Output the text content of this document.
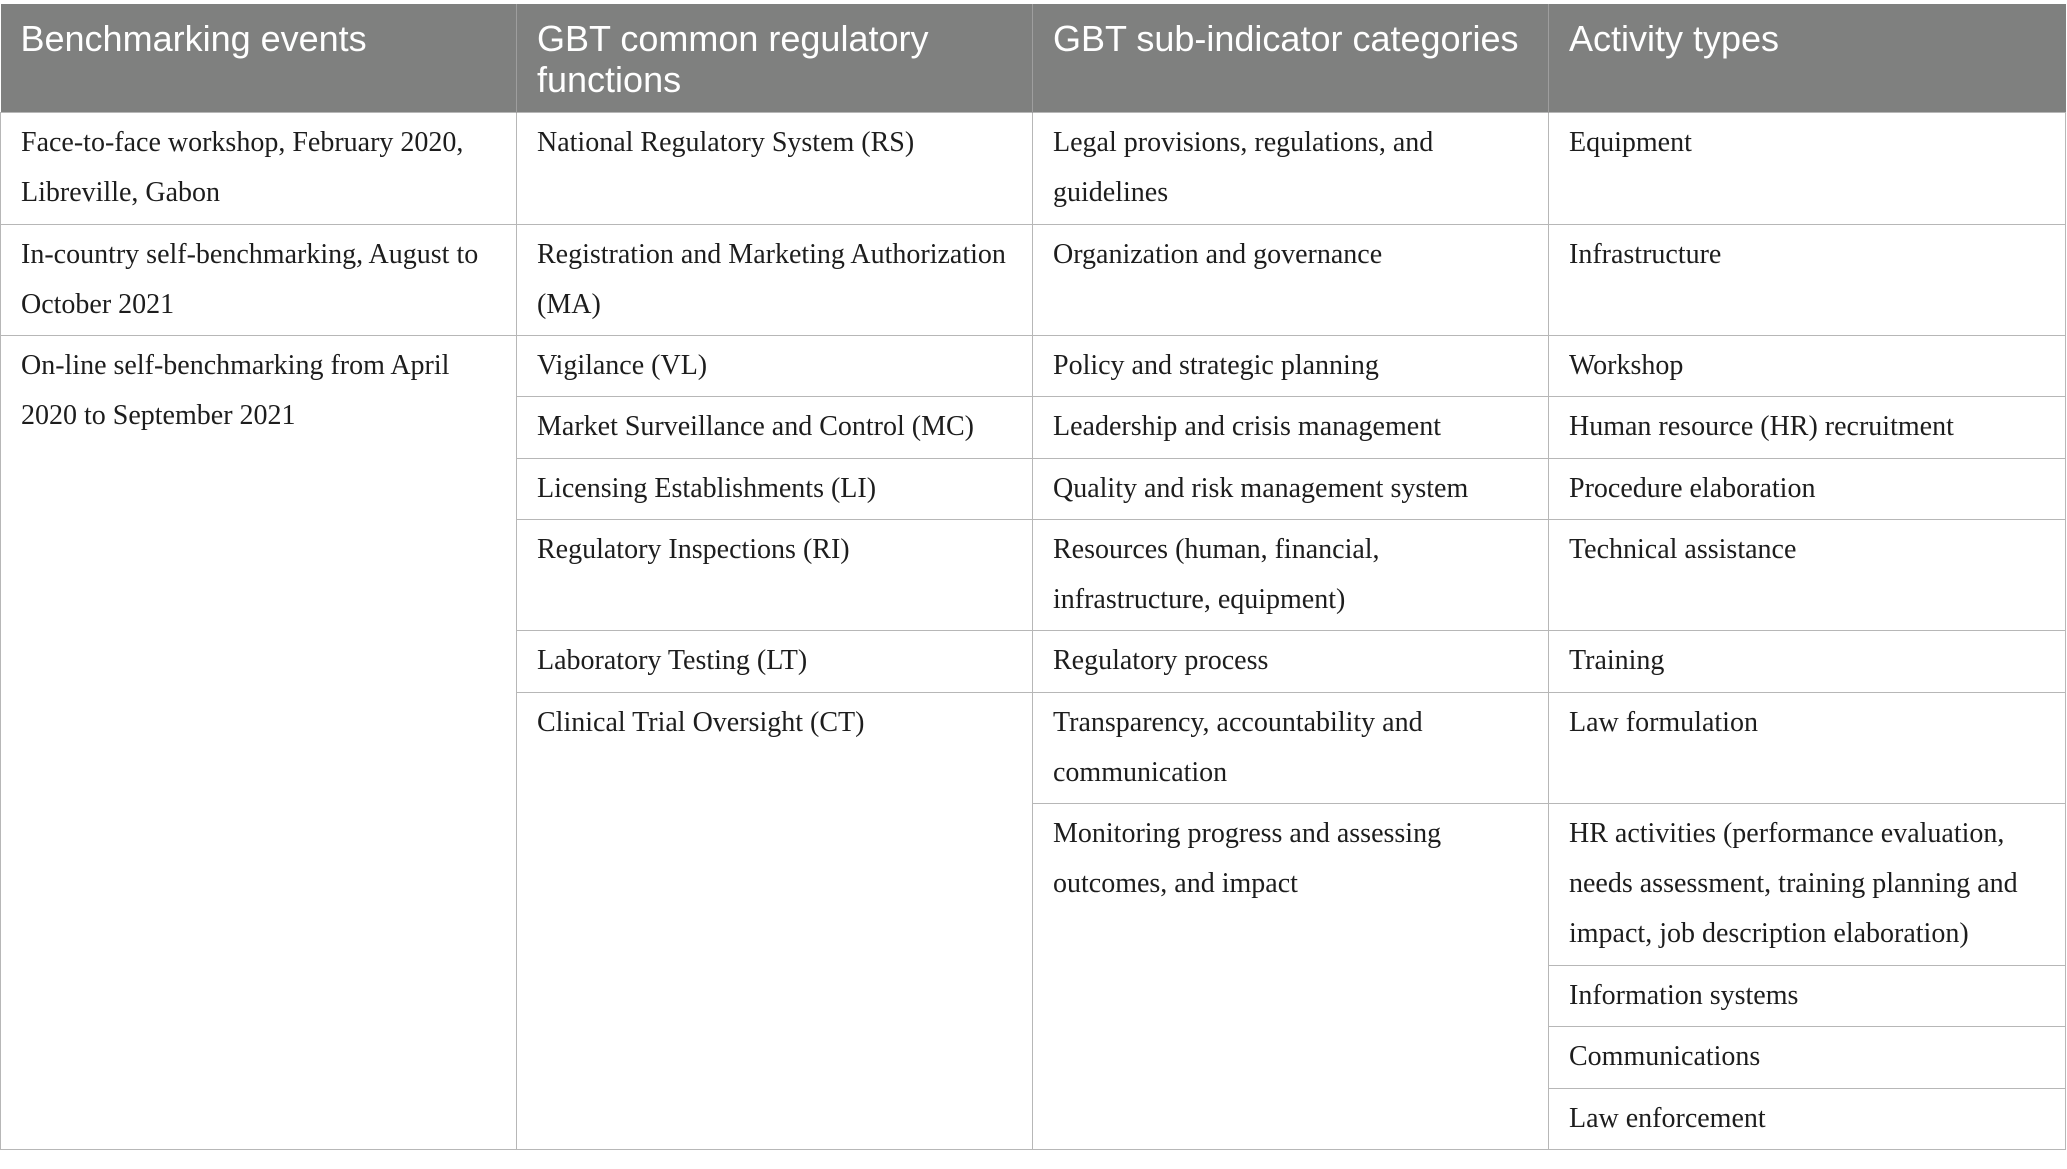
Benchmarking events	GBT common regulatory functions	GBT sub-indicator categories	Activity types
Face-to-face workshop, February 2020, Libreville, Gabon	National Regulatory System (RS)	Legal provisions, regulations, and guidelines	Equipment
In-country self-benchmarking, August to October 2021	Registration and Marketing Authorization (MA)	Organization and governance	Infrastructure
On-line self-benchmarking from April 2020 to September 2021	Vigilance (VL)	Policy and strategic planning	Workshop
	Market Surveillance and Control (MC)	Leadership and crisis management	Human resource (HR) recruitment
	Licensing Establishments (LI)	Quality and risk management system	Procedure elaboration
	Regulatory Inspections (RI)	Resources (human, financial, infrastructure, equipment)	Technical assistance
	Laboratory Testing (LT)	Regulatory process	Training
	Clinical Trial Oversight (CT)	Transparency, accountability and communication	Law formulation
		Monitoring progress and assessing outcomes, and impact	HR activities (performance evaluation, needs assessment, training planning and impact, job description elaboration)
			Information systems
			Communications
			Law enforcement
